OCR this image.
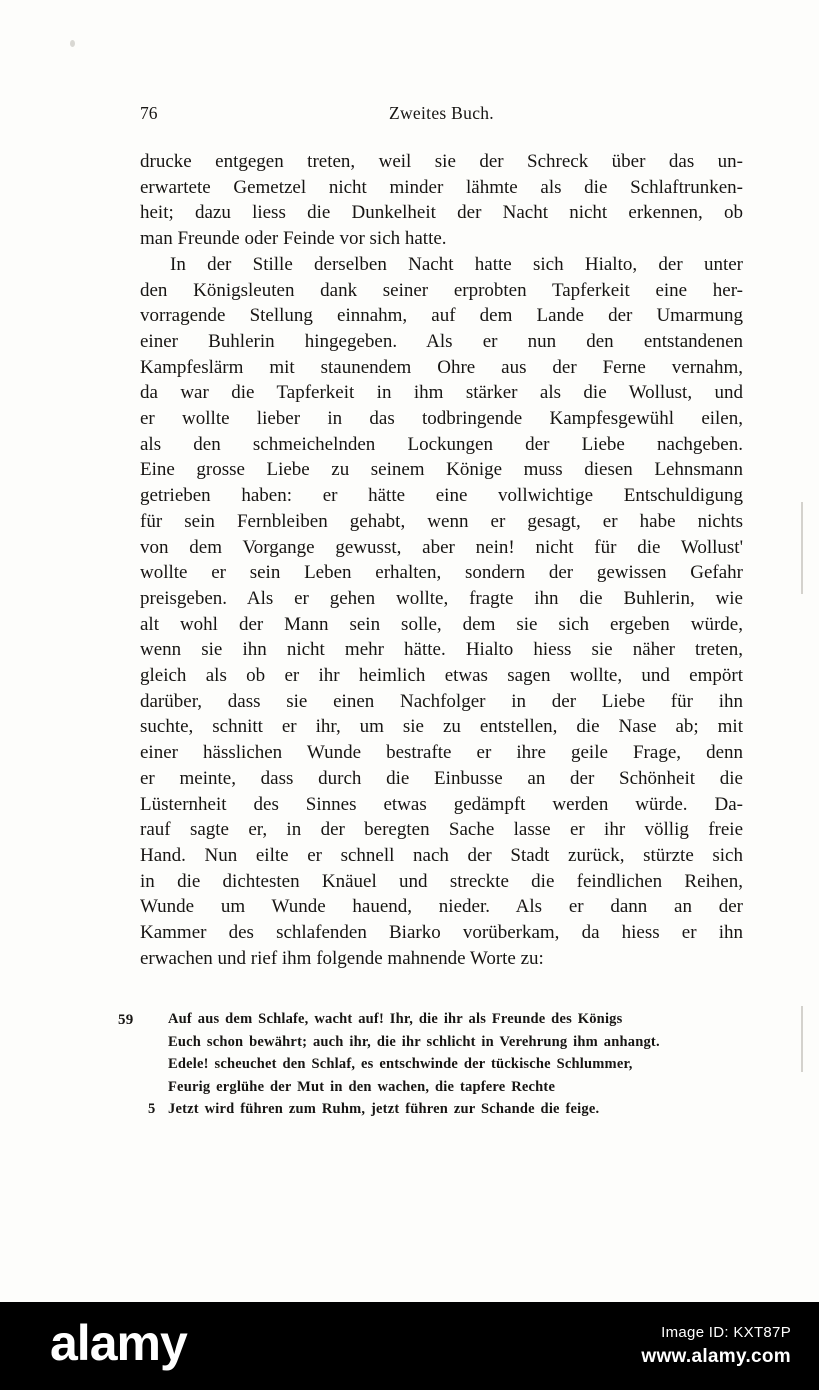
76	Zweites Buch.
drucke entgegen treten, weil sie der Schreck über das un-
erwartete Gemetzel nicht minder lähmte als die Schlaftrunken-
heit; dazu liess die Dunkelheit der Nacht nicht erkennen, ob
man Freunde oder Feinde vor sich hatte.
In der Stille derselben Nacht hatte sich Hialto, der unter
den Königsleuten dank seiner erprobten Tapferkeit eine her-
vorragende Stellung einnahm, auf dem Lande der Umarmung
einer Buhlerin hingegeben. Als er nun den entstandenen
Kampfeslärm mit staunendem Ohre aus der Ferne vernahm,
da war die Tapferkeit in ihm stärker als die Wollust, und
er wollte lieber in das todbringende Kampfesgewühl eilen,
als den schmeichelnden Lockungen der Liebe nachgeben.
Eine grosse Liebe zu seinem Könige muss diesen Lehnsmann
getrieben haben: er hätte eine vollwichtige Entschuldigung
für sein Fernbleiben gehabt, wenn er gesagt, er habe nichts
von dem Vorgange gewusst, aber nein! nicht für die Wollust'
wollte er sein Leben erhalten, sondern der gewissen Gefahr
preisgeben. Als er gehen wollte, fragte ihn die Buhlerin, wie
alt wohl der Mann sein solle, dem sie sich ergeben würde,
wenn sie ihn nicht mehr hätte. Hialto hiess sie näher treten,
gleich als ob er ihr heimlich etwas sagen wollte, und empört
darüber, dass sie einen Nachfolger in der Liebe für ihn
suchte, schnitt er ihr, um sie zu entstellen, die Nase ab; mit
einer hässlichen Wunde bestrafte er ihre geile Frage, denn
er meinte, dass durch die Einbusse an der Schönheit die
Lüsternheit des Sinnes etwas gedämpft werden würde. Da-
rauf sagte er, in der beregten Sache lasse er ihr völlig freie
Hand. Nun eilte er schnell nach der Stadt zurück, stürzte sich
in die dichtesten Knäuel und streckte die feindlichen Reihen,
Wunde um Wunde hauend, nieder. Als er dann an der
Kammer des schlafenden Biarko vorüberkam, da hiess er ihn
erwachen und rief ihm folgende mahnende Worte zu:
59 Auf aus dem Schlafe, wacht auf! Ihr, die ihr als Freunde des Königs
Euch schon bewährt; auch ihr, die ihr schlicht in Verehrung ihm anhangt.
Edele! scheuchet den Schlaf, es entschwinde der tückische Schlummer,
Feurig erglühe der Mut in den wachen, die tapfere Rechte
5 Jetzt wird führen zum Ruhm, jetzt führen zur Schande die feige.
alamy	Image ID: KXT87P
www.alamy.com
